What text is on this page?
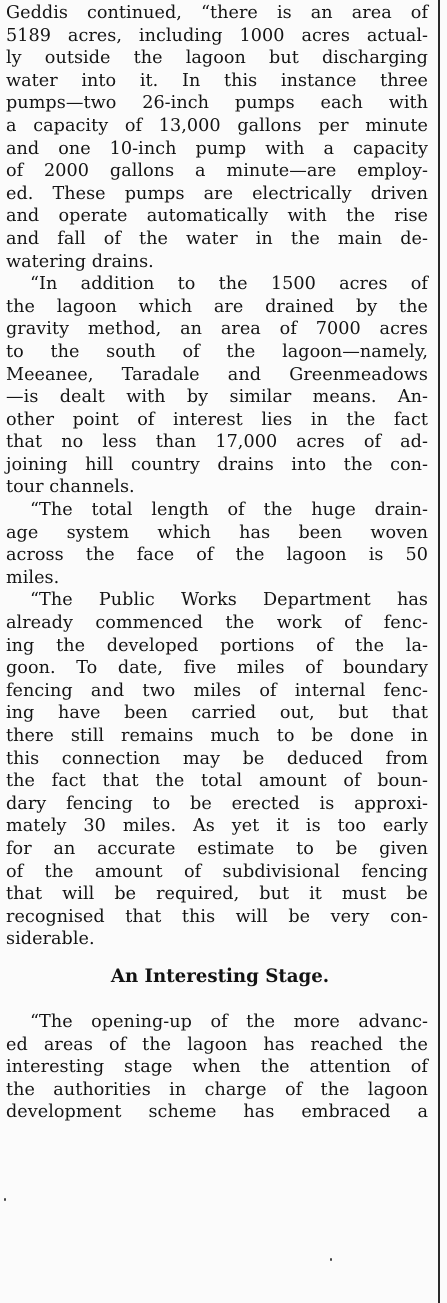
Geddis continued, “there is an area of
5189 acres, including 1000 acres actual-
ly outside the lagoon but discharging
water into it. In this instance three
pumps—two 26-inch pumps each with
a capacity of 13,000 gallons per minute
and one 10-inch pump with a capacity
of 2000 gallons a minute—are employ-
ed. These pumps are electrically driven
and operate automatically with the rise
and fall of the water in the main de-
watering drains.
“In addition to the 1500 acres of
the lagoon which are drained by the
gravity method, an area of 7000 acres
to the south of the lagoon—namely,
Meeanee, Taradale and Greenmeadows
—is dealt with by similar means. An-
other point of interest lies in the fact
that no less than 17,000 acres of ad-
joining hill country drains into the con-
tour channels.
“The total length of the huge drain-
age system which has been woven
across the face of the lagoon is 50
miles.
“The Public Works Department has
already commenced the work of fenc-
ing the developed portions of the la-
goon. To date, five miles of boundary
fencing and two miles of internal fenc-
ing have been carried out, but that
there still remains much to be done in
this connection may be deduced from
the fact that the total amount of boun-
dary fencing to be erected is approxi-
mately 30 miles. As yet it is too early
for an accurate estimate to be given
of the amount of subdivisional fencing
that will be required, but it must be
recognised that this will be very con-
siderable.
An Interesting Stage.
“The opening-up of the more advanc-
ed areas of the lagoon has reached the
interesting stage when the attention of
the authorities in charge of the lagoon
development scheme has embraced a
